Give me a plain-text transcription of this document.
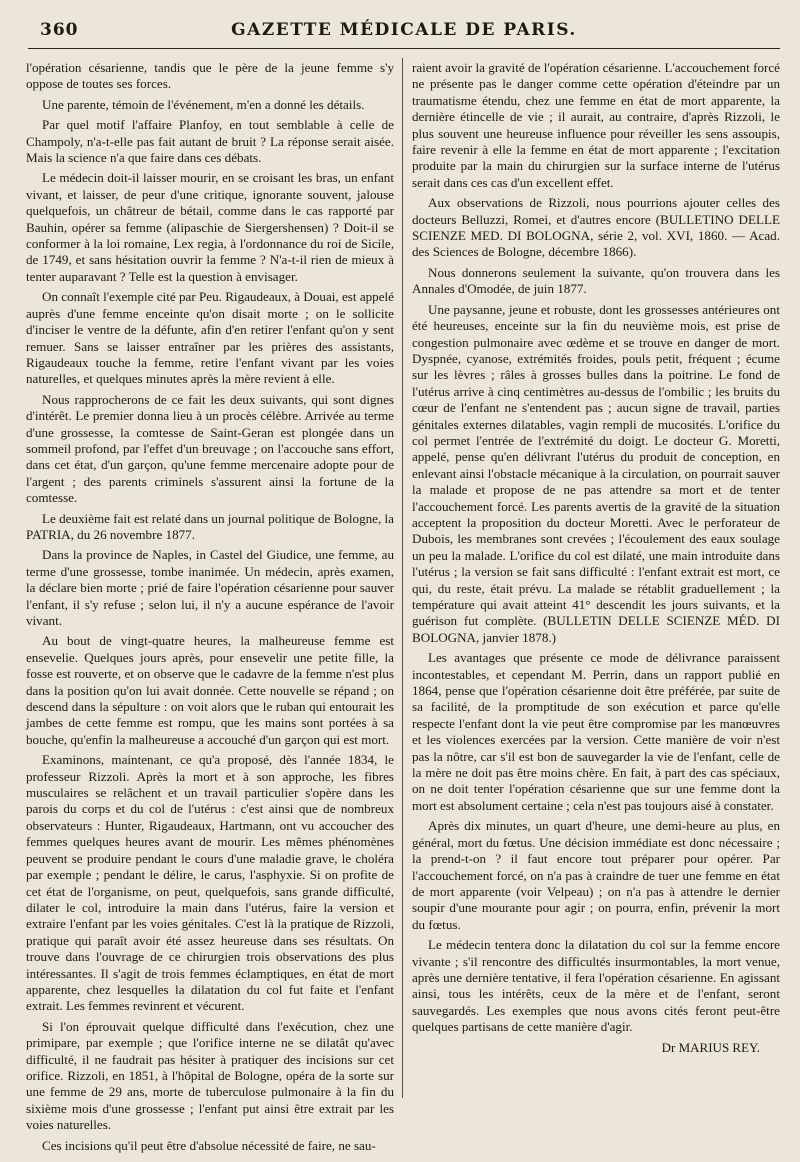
360	GAZETTE MÉDICALE DE PARIS.

l'opération césarienne, tandis que le père de la jeune femme s'y oppose de toutes ses forces.

Une parente, témoin de l'événement, m'en a donné les détails.

Par quel motif l'affaire Planfoy, en tout semblable à celle de Champoly, n'a-t-elle pas fait autant de bruit ? La réponse serait aisée. Mais la science n'a que faire dans ces débats.

Le médecin doit-il laisser mourir, en se croisant les bras, un enfant vivant, et laisser, de peur d'une critique, ignorante souvent, jalouse quelquefois, un châtreur de bétail, comme dans le cas rapporté par Bauhin, opérer sa femme (alipaschie de Siergershensen) ? Doit-il se conformer à la loi romaine, Lex regia, à l'ordonnance du roi de Sicile, de 1749, et sans hésitation ouvrir la femme ? N'a-t-il rien de mieux à tenter auparavant ? Telle est la question à envisager.

On connaît l'exemple cité par Peu. Rigaudeaux, à Douai, est appelé auprès d'une femme enceinte qu'on disait morte ; on le sollicite d'inciser le ventre de la défunte, afin d'en retirer l'enfant qu'on y sent remuer. Sans se laisser entraîner par les prières des assistants, Rigaudeaux touche la femme, retire l'enfant vivant par les voies naturelles, et quelques minutes après la mère revient à elle.

Nous rapprocherons de ce fait les deux suivants, qui sont dignes d'intérêt. Le premier donna lieu à un procès célèbre. Arrivée au terme d'une grossesse, la comtesse de Saint-Geran est plongée dans un sommeil profond, par l'effet d'un breuvage ; on l'accouche sans effort, dans cet état, d'un garçon, qu'une femme mercenaire adopte pour de l'argent ; des parents criminels s'assurent ainsi la fortune de la comtesse.

Le deuxième fait est relaté dans un journal politique de Bologne, la PATRIA, du 26 novembre 1877.

Dans la province de Naples, in Castel del Giudice, une femme, au terme d'une grossesse, tombe inanimée. Un médecin, après examen, la déclare bien morte ; prié de faire l'opération césarienne pour sauver l'enfant, il s'y refuse ; selon lui, il n'y a aucune espérance de l'avoir vivant.

Au bout de vingt-quatre heures, la malheureuse femme est ensevelie. Quelques jours après, pour ensevelir une petite fille, la fosse est rouverte, et on observe que le cadavre de la femme n'est plus dans la position qu'on lui avait donnée. Cette nouvelle se répand ; on descend dans la sépulture : on voit alors que le ruban qui entourait les jambes de cette femme est rompu, que les mains sont portées à sa bouche, qu'enfin la malheureuse a accouché d'un garçon qui est mort.

Examinons, maintenant, ce qu'a proposé, dès l'année 1834, le professeur Rizzoli. Après la mort et à son approche, les fibres musculaires se relâchent et un travail particulier s'opère dans les parois du corps et du col de l'utérus : c'est ainsi que de nombreux observateurs : Hunter, Rigaudeaux, Hartmann, ont vu accoucher des femmes quelques heures avant de mourir. Les mêmes phénomènes peuvent se produire pendant le cours d'une maladie grave, le choléra par exemple ; pendant le délire, le carus, l'asphyxie. Si on profite de cet état de l'organisme, on peut, quelquefois, sans grande difficulté, dilater le col, introduire la main dans l'utérus, faire la version et extraire l'enfant par les voies génitales. C'est là la pratique de Rizzoli, pratique qui paraît avoir été assez heureuse dans ses résultats. On trouve dans l'ouvrage de ce chirurgien trois observations des plus intéressantes. Il s'agit de trois femmes éclamptiques, en état de mort apparente, chez lesquelles la dilatation du col fut faite et l'enfant extrait. Les femmes revinrent et vécurent.

Si l'on éprouvait quelque difficulté dans l'exécution, chez une primipare, par exemple ; que l'orifice interne ne se dilatât qu'avec difficulté, il ne faudrait pas hésiter à pratiquer des incisions sur cet orifice. Rizzoli, en 1851, à l'hôpital de Bologne, opéra de la sorte sur une femme de 29 ans, morte de tuberculose pulmonaire à la fin du sixième mois d'une grossesse ; l'enfant put ainsi être extrait par les voies naturelles.

Ces incisions qu'il peut être d'absolue nécessité de faire, ne sau-

raient avoir la gravité de l'opération césarienne. L'accouchement forcé ne présente pas le danger comme cette opération d'éteindre par un traumatisme étendu, chez une femme en état de mort apparente, la dernière étincelle de vie ; il aurait, au contraire, d'après Rizzoli, le plus souvent une heureuse influence pour réveiller les sens assoupis, faire revenir à elle la femme en état de mort apparente ; l'excitation produite par la main du chirurgien sur la surface interne de l'utérus serait dans ces cas d'un excellent effet.

Aux observations de Rizzoli, nous pourrions ajouter celles des docteurs Belluzzi, Romei, et d'autres encore (BULLETINO DELLE SCIENZE MED. DI BOLOGNA, série 2, vol. XVI, 1860. — Acad. des Sciences de Bologne, décembre 1866).

Nous donnerons seulement la suivante, qu'on trouvera dans les Annales d'Omodée, de juin 1877.

Une paysanne, jeune et robuste, dont les grossesses antérieures ont été heureuses, enceinte sur la fin du neuvième mois, est prise de congestion pulmonaire avec œdème et se trouve en danger de mort. Dyspnée, cyanose, extrémités froides, pouls petit, fréquent ; écume sur les lèvres ; râles à grosses bulles dans la poitrine. Le fond de l'utérus arrive à cinq centimètres au-dessus de l'ombilic ; les bruits du cœur de l'enfant ne s'entendent pas ; aucun signe de travail, parties génitales externes dilatables, vagin rempli de mucosités. L'orifice du col permet l'entrée de l'extrémité du doigt. Le docteur G. Moretti, appelé, pense qu'en délivrant l'utérus du produit de conception, en enlevant ainsi l'obstacle mécanique à la circulation, on pourrait sauver la malade et propose de ne pas attendre sa mort et de tenter l'accouchement forcé. Les parents avertis de la gravité de la situation acceptent la proposition du docteur Moretti. Avec le perforateur de Dubois, les membranes sont crevées ; l'écoulement des eaux soulage un peu la malade. L'orifice du col est dilaté, une main introduite dans l'utérus ; la version se fait sans difficulté : l'enfant extrait est mort, ce qui, du reste, était prévu. La malade se rétablit graduellement ; la température qui avait atteint 41° descendit les jours suivants, et la guérison fut complète. (BULLETIN DELLE SCIENZE MÉD. DI BOLOGNA, janvier 1878.)

Les avantages que présente ce mode de délivrance paraissent incontestables, et cependant M. Perrin, dans un rapport publié en 1864, pense que l'opération césarienne doit être préférée, par suite de sa facilité, de la promptitude de son exécution et parce qu'elle respecte l'enfant dont la vie peut être compromise par les manœuvres et les violences exercées par la version. Cette manière de voir n'est pas la nôtre, car s'il est bon de sauvegarder la vie de l'enfant, celle de la mère ne doit pas être moins chère. En fait, à part des cas spéciaux, on ne doit tenter l'opération césarienne que sur une femme dont la mort est absolument certaine ; cela n'est pas toujours aisé à constater.

Après dix minutes, un quart d'heure, une demi-heure au plus, en général, mort du fœtus. Une décision immédiate est donc nécessaire ; la prend-t-on ? il faut encore tout préparer pour opérer. Par l'accouchement forcé, on n'a pas à craindre de tuer une femme en état de mort apparente (voir Velpeau) ; on n'a pas à attendre le dernier soupir d'une mourante pour agir ; on pourra, enfin, prévenir la mort du fœtus.

Le médecin tentera donc la dilatation du col sur la femme encore vivante ; s'il rencontre des difficultés insurmontables, la mort venue, après une dernière tentative, il fera l'opération césarienne. En agissant ainsi, tous les intérêts, ceux de la mère et de l'enfant, seront sauvegardés. Les exemples que nous avons cités feront peut-être quelques partisans de cette manière d'agir.

Dr MARIUS REY.
